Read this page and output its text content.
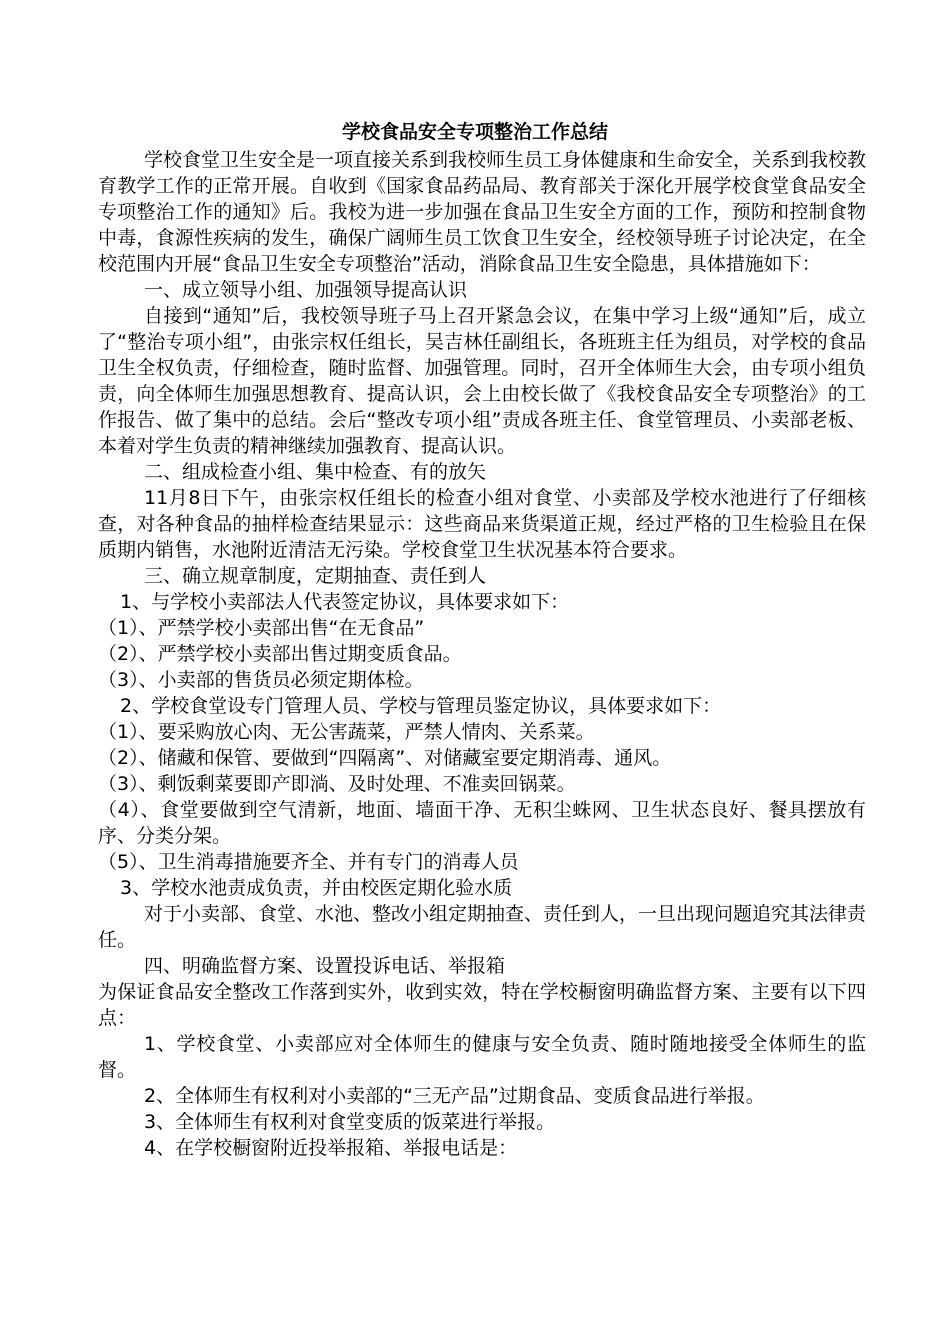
学校食品安全专项整治工作总结

学校食堂卫生安全是一项直接关系到我校师生员工身体健康和生命安全，关系到我校教育教学工作的正常开展。自收到《国家食品药品局、教育部关于深化开展学校食堂食品安全专项整治工作的通知》后。我校为进一步加强在食品卫生安全方面的工作，预防和控制食物中毒，食源性疾病的发生，确保广阔师生员工饮食卫生安全，经校领导班子讨论决定，在全校范围内开展“食品卫生安全专项整治”活动，消除食品卫生安全隐患，具体措施如下：

一、成立领导小组、加强领导提高认识

自接到“通知”后，我校领导班子马上召开紧急会议，在集中学习上级“通知”后，成立了“整治专项小组”，由张宗权任组长，吴吉林任副组长，各班班主任为组员，对学校的食品卫生全权负责，仔细检查，随时监督、加强管理。同时，召开全体师生大会，由专项小组负责，向全体师生加强思想教育、提高认识，会上由校长做了《我校食品安全专项整治》的工作报告、做了集中的总结。会后“整改专项小组”责成各班主任、食堂管理员、小卖部老板、本着对学生负责的精神继续加强教育、提高认识。

二、组成检查小组、集中检查、有的放矢

11月8日下午，由张宗权任组长的检查小组对食堂、小卖部及学校水池进行了仔细核查，对各种食品的抽样检查结果显示：这些商品来货渠道正规，经过严格的卫生检验且在保质期内销售，水池附近清洁无污染。学校食堂卫生状况基本符合要求。

三、确立规章制度，定期抽查、责任到人

1、与学校小卖部法人代表签定协议，具体要求如下：

（1）、严禁学校小卖部出售“在无食品”

（2）、严禁学校小卖部出售过期变质食品。

（3）、小卖部的售货员必须定期体检。

2、学校食堂设专门管理人员、学校与管理员鉴定协议，具体要求如下：

（1）、要采购放心肉、无公害蔬菜，严禁人情肉、关系菜。

（2）、储藏和保管、要做到“四隔离”、对储藏室要定期消毒、通风。

（3）、剩饭剩菜要即产即淌、及时处理、不准卖回锅菜。

（4）、食堂要做到空气清新，地面、墙面干净、无积尘蛛网、卫生状态良好、餐具摆放有序、分类分架。

（5）、卫生消毒措施要齐全、并有专门的消毒人员

3、学校水池责成负责，并由校医定期化验水质

对于小卖部、食堂、水池、整改小组定期抽查、责任到人，一旦出现问题追究其法律责任。

四、明确监督方案、设置投诉电话、举报箱

为保证食品安全整改工作落到实外，收到实效，特在学校橱窗明确监督方案、主要有以下四点：

1、学校食堂、小卖部应对全体师生的健康与安全负责、随时随地接受全体师生的监督。

2、全体师生有权利对小卖部的“三无产品”过期食品、变质食品进行举报。

3、全体师生有权利对食堂变质的饭菜进行举报。

4、在学校橱窗附近投举报箱、举报电话是：
